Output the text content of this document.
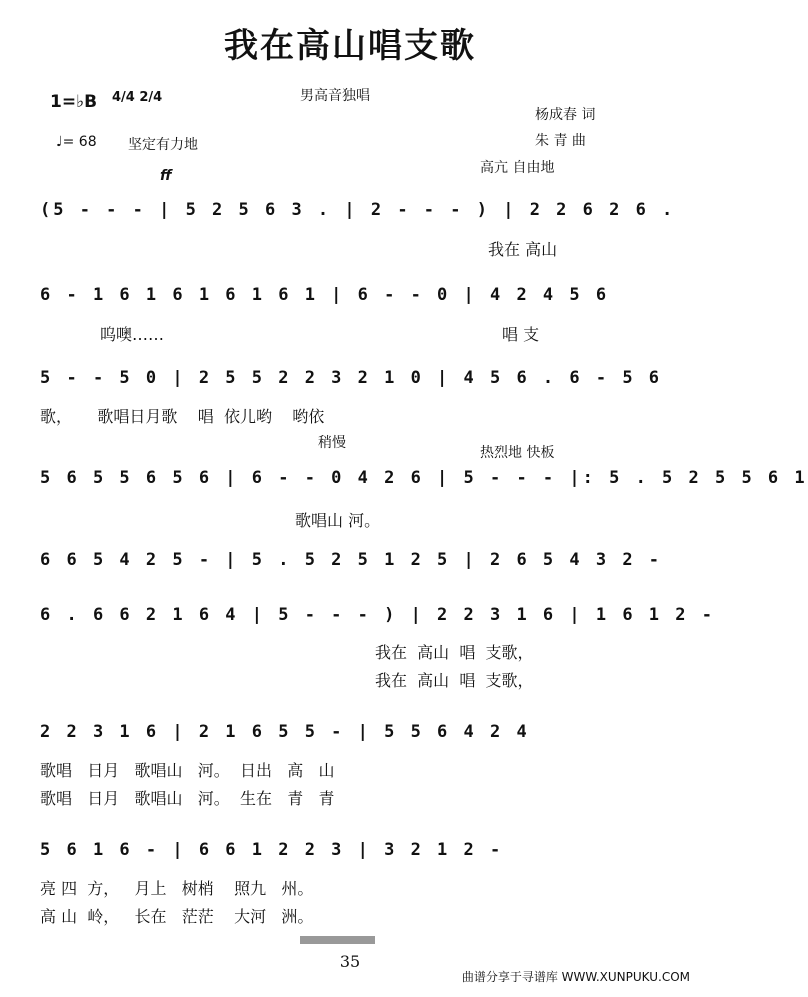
我在高山唱支歌
1=♭B 4/4 2/4	男高音独唱
杨成春 词
朱 青 曲
♩= 68 坚定有力地
高亢 自由地
ff
(5 - - - | 5 2 5 6 3 . | 2 - - - ) | 2 2 6 2 6 .
我在 高山
6 - 1 6 1 6 1 6 1 6 1 | 6 - - 0 | 4 2 4 5 6
呜噢……	唱 支
5 - - 5 0 | 2 5 5 2 2 3 2 1 0 | 4 5 6 . 6 - 5 6
歌，     歌唱日月歌    唱  依儿哟    哟依
稍慢
热烈地 快板
5 6 5 5 6 5 6 | 6 - - 0 4 2 6 | 5 - - - |: 5 . 5 2 5 5 6 1
歌唱山 河。
6 6 5 4 2 5 - | 5 . 5 2 5 1 2 5 | 2 6 5 4 3 2 -
6 . 6 6 2 1 6 4 | 5 - - - ) | 2 2 3 1 6 | 1 6 1 2 -
我在  高山  唱  支歌，
我在  高山  唱  支歌，
2 2 3 1 6 | 2 1 6 5 5 - | 5 5 6 4 2 4
歌唱   日月   歌唱山   河。  日出   高   山
歌唱   日月   歌唱山   河。  生在   青   青
5 6 1 6 - | 6 6 1 2 2 3 | 3 2 1 2 -
亮 四  方，   月上   树梢    照九   州。
高 山  岭，   长在   茫茫    大河   洲。
35
曲谱分享于寻谱库 WWW.XUNPUKU.COM
